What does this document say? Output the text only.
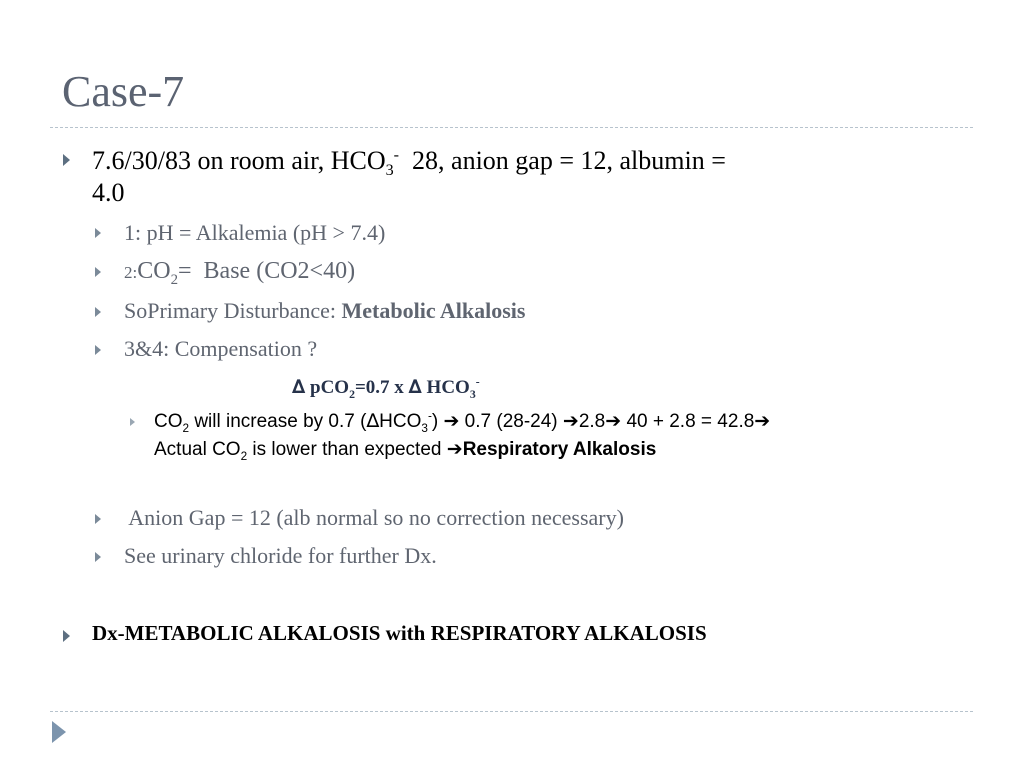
Case-7
7.6/30/83 on room air, $HCO_3^-$  28, anion gap = 12, albumin =
4.0
1: pH = Alkalemia (pH > 7.4)
$2:CO_2=$  Base (CO2<40)
SoPrimary Disturbance: Metabolic Alkalosis
3&4: Compensation ?
∆ pCO$_2$=0.7 x ∆ $HCO_3^-$
$CO_2$ will increase by 0.7 $(\Delta HCO_3^-)$ ➔ 0.7 (28-24) ➔2.8➔ 40 + 2.8 = 42.8➔
Actual $CO_2$ is lower than expected ➔Respiratory Alkalosis
Anion Gap = 12 (alb normal so no correction necessary)
See urinary chloride for further Dx.
Dx-METABOLIC ALKALOSIS with RESPIRATORY ALKALOSIS
